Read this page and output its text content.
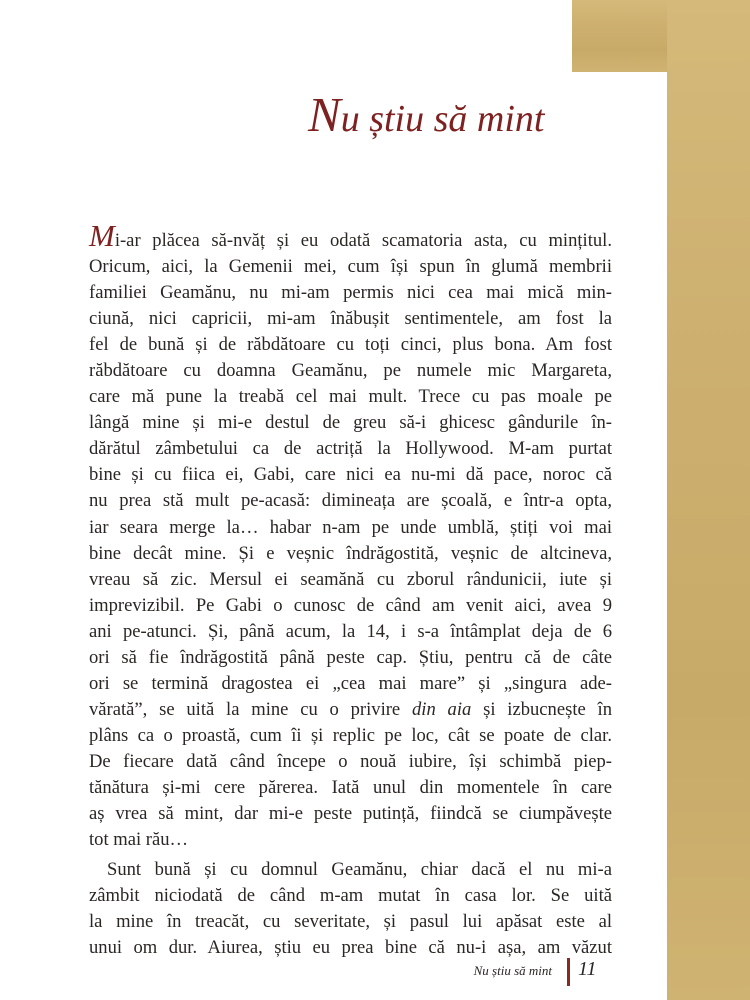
Nu știu să mint
Mi-ar plăcea să-nvăț și eu odată scamatoria asta, cu mințitul.
Oricum, aici, la Gemenii mei, cum își spun în glumă membrii
familiei Geamănu, nu mi-am permis nici cea mai mică min-
ciună, nici capricii, mi-am înăbușit sentimentele, am fost la
fel de bună și de răbdătoare cu toți cinci, plus bona. Am fost
răbdătoare cu doamna Geamănu, pe numele mic Margareta,
care mă pune la treabă cel mai mult. Trece cu pas moale pe
lângă mine și mi-e destul de greu să-i ghicesc gândurile în-
dărătul zâmbetului ca de actriță la Hollywood. M-am purtat
bine și cu fiica ei, Gabi, care nici ea nu-mi dă pace, noroc că
nu prea stă mult pe-acasă: dimineața are școală, e într-a opta,
iar seara merge la… habar n-am pe unde umblă, știți voi mai
bine decât mine. Și e veșnic îndrăgostită, veșnic de altcineva,
vreau să zic. Mersul ei seamănă cu zborul rândunicii, iute și
imprevizibil. Pe Gabi o cunosc de când am venit aici, avea 9
ani pe-atunci. Și, până acum, la 14, i s-a întâmplat deja de 6
ori să fie îndrăgostită până peste cap. Știu, pentru că de câte
ori se termină dragostea ei „cea mai mare” și „singura ade-
vărată”, se uită la mine cu o privire din aia și izbucnește în
plâns ca o proastă, cum îi și replic pe loc, cât se poate de clar.
De fiecare dată când începe o nouă iubire, își schimbă piep-
tănătura și-mi cere părerea. Iată unul din momentele în care
aș vrea să mint, dar mi-e peste putință, fiindcă se ciumpăvește
tot mai rău…
Sunt bună și cu domnul Geamănu, chiar dacă el nu mi-a
zâmbit niciodată de când m-am mutat în casa lor. Se uită
la mine în treacăt, cu severitate, și pasul lui apăsat este al
unui om dur. Aiurea, știu eu prea bine că nu-i așa, am văzut
Nu știu să mint 11
